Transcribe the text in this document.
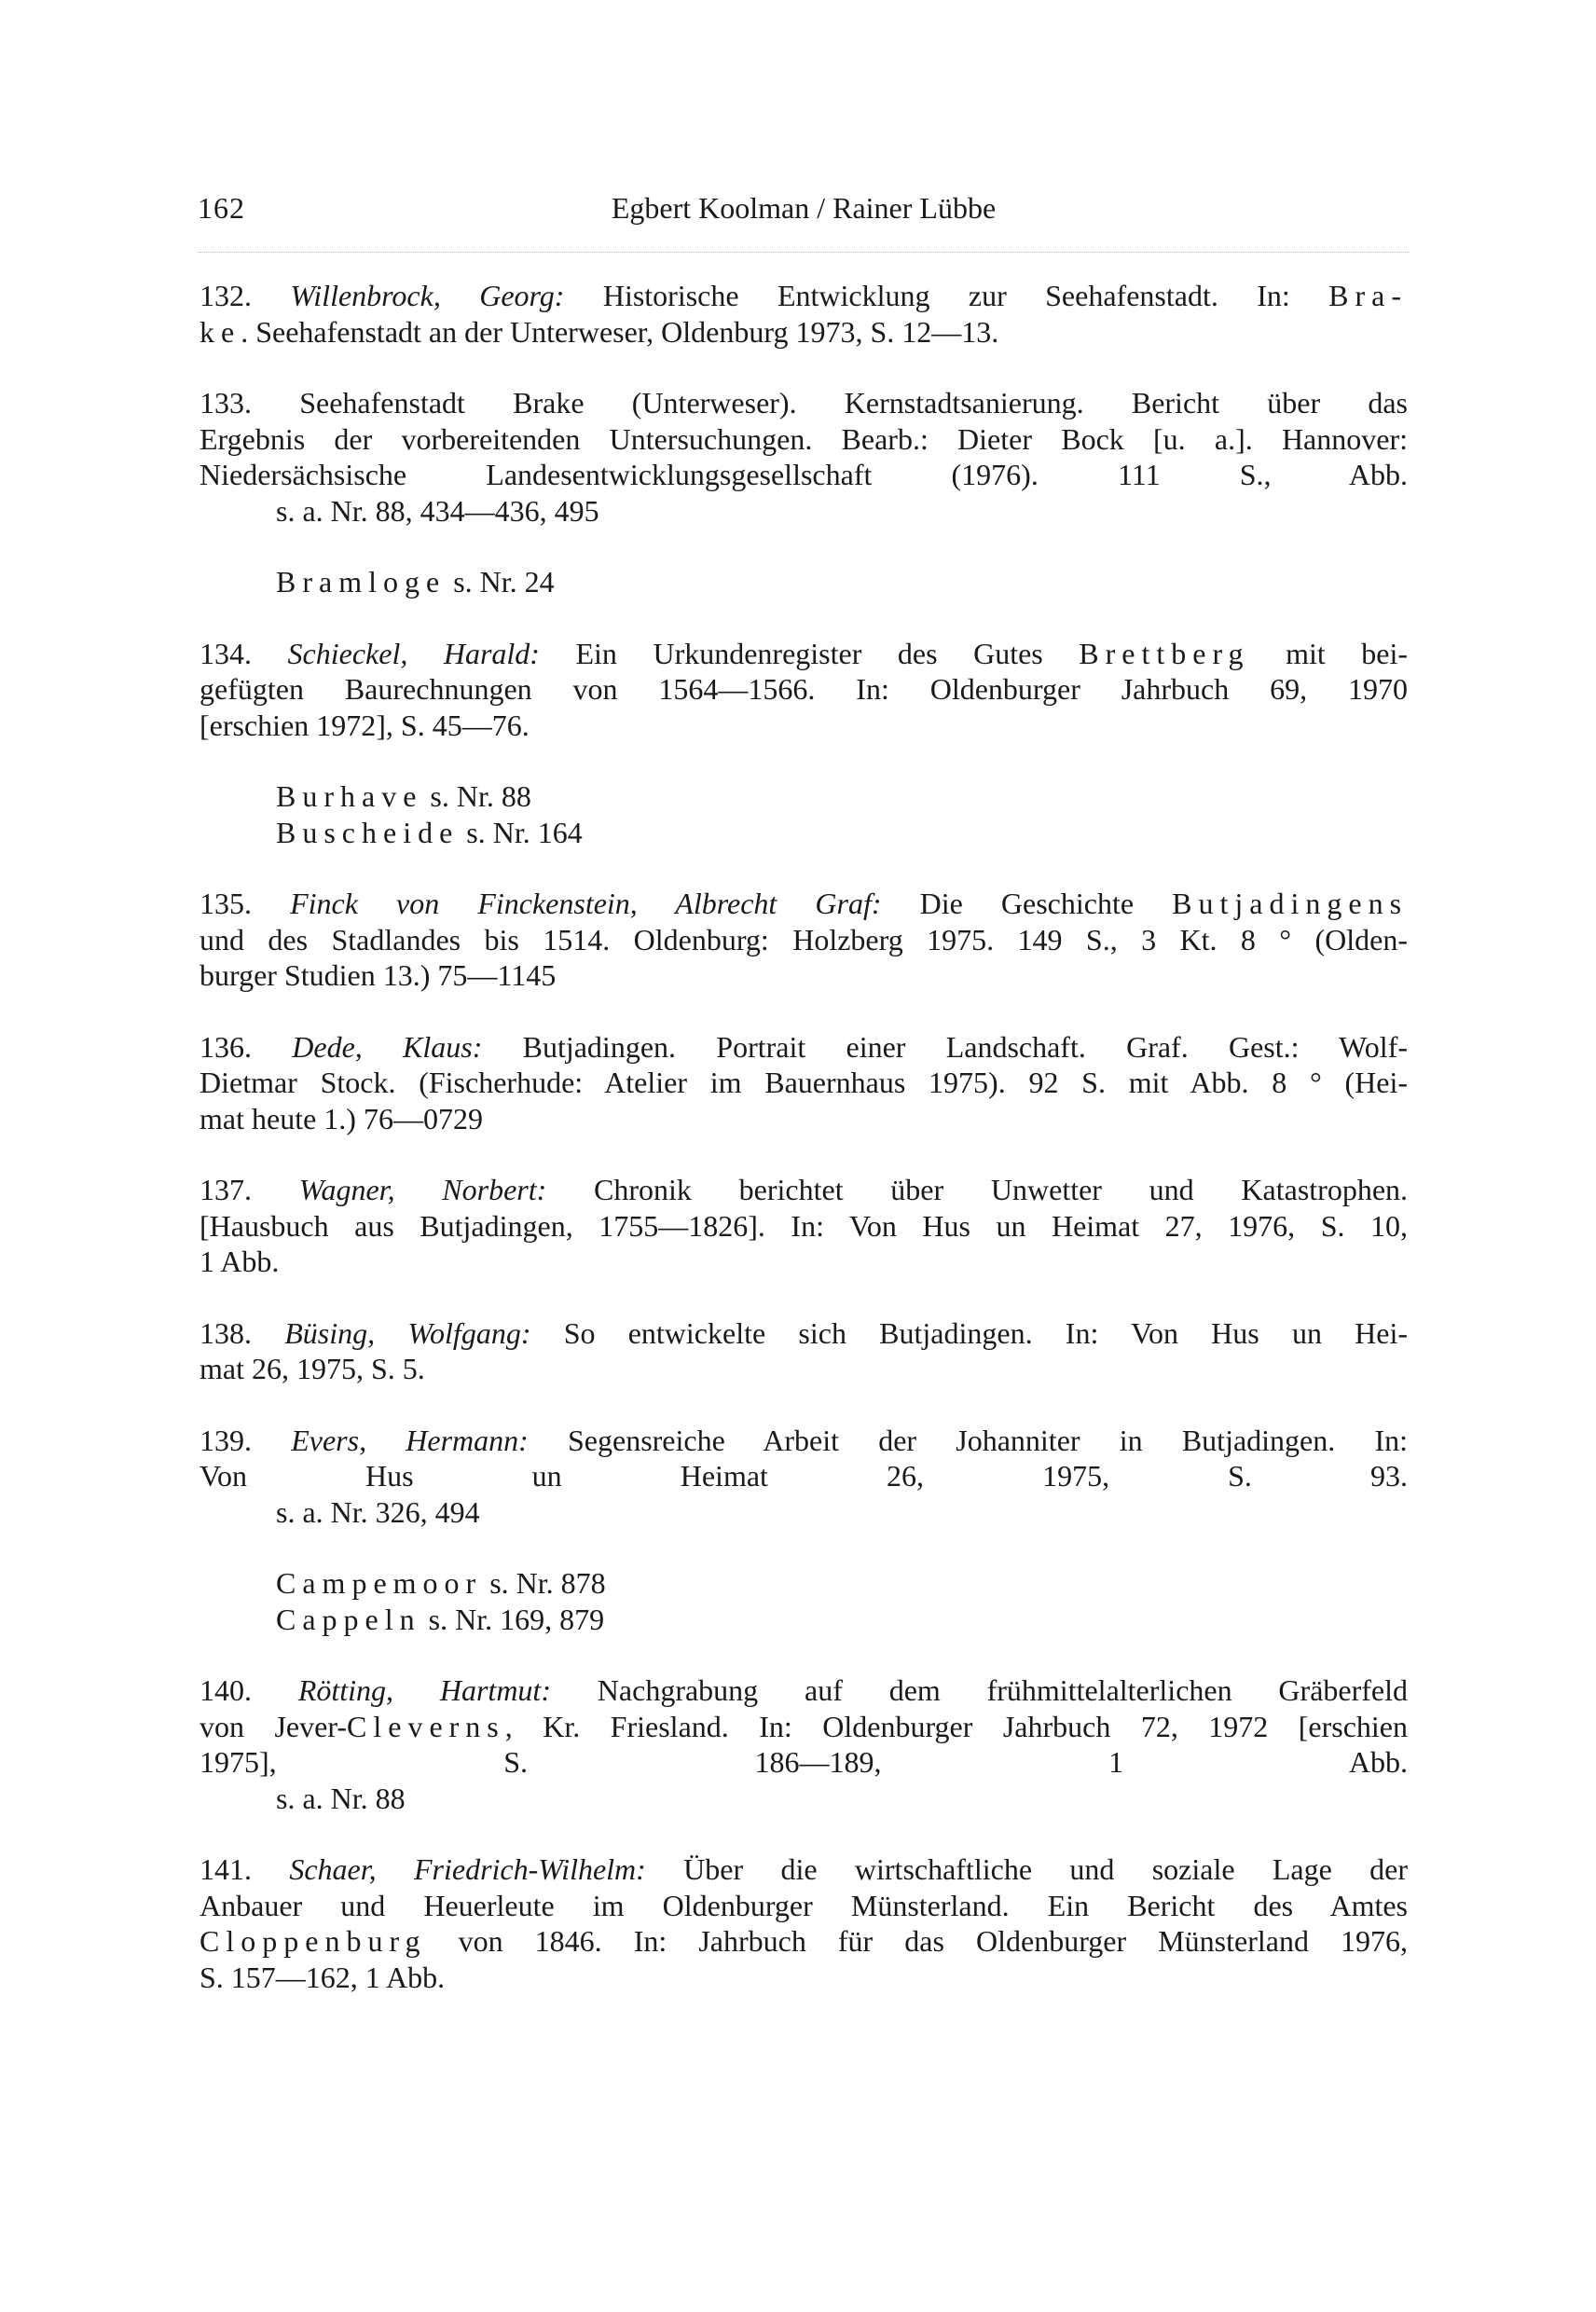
162	Egbert Koolman / Rainer Lübbe
132. Willenbrock, Georg: Historische Entwicklung zur Seehafenstadt. In: Bra-
ke. Seehafenstadt an der Unterweser, Oldenburg 1973, S. 12—13.
133. Seehafenstadt Brake (Unterweser). Kernstadtsanierung. Bericht über das
Ergebnis der vorbereitenden Untersuchungen. Bearb.: Dieter Bock [u. a.]. Hannover:
Niedersächsische Landesentwicklungsgesellschaft (1976). 111 S., Abb.
s. a. Nr. 88, 434—436, 495
Bramloge s. Nr. 24
134. Schieckel, Harald: Ein Urkundenregister des Gutes Brettberg mit bei-
gefügten Baurechnungen von 1564—1566. In: Oldenburger Jahrbuch 69, 1970
[erschien 1972], S. 45—76.
Burhave s. Nr. 88
Buscheide s. Nr. 164
135. Finck von Finckenstein, Albrecht Graf: Die Geschichte Butjadingens
und des Stadlandes bis 1514. Oldenburg: Holzberg 1975. 149 S., 3 Kt. 8 ° (Olden-
burger Studien 13.) 75—1145
136. Dede, Klaus: Butjadingen. Portrait einer Landschaft. Graf. Gest.: Wolf-
Dietmar Stock. (Fischerhude: Atelier im Bauernhaus 1975). 92 S. mit Abb. 8 ° (Hei-
mat heute 1.) 76—0729
137. Wagner, Norbert: Chronik berichtet über Unwetter und Katastrophen.
[Hausbuch aus Butjadingen, 1755—1826]. In: Von Hus un Heimat 27, 1976, S. 10,
1 Abb.
138. Büsing, Wolfgang: So entwickelte sich Butjadingen. In: Von Hus un Hei-
mat 26, 1975, S. 5.
139. Evers, Hermann: Segensreiche Arbeit der Johanniter in Butjadingen. In:
Von Hus un Heimat 26, 1975, S. 93.
s. a. Nr. 326, 494
Campemoor s. Nr. 878
Cappeln s. Nr. 169, 879
140. Rötting, Hartmut: Nachgrabung auf dem frühmittelalterlichen Gräberfeld
von Jever-Cleverns, Kr. Friesland. In: Oldenburger Jahrbuch 72, 1972 [erschien
1975], S. 186—189, 1 Abb.
s. a. Nr. 88
141. Schaer, Friedrich-Wilhelm: Über die wirtschaftliche und soziale Lage der
Anbauer und Heuerleute im Oldenburger Münsterland. Ein Bericht des Amtes
Cloppenburg von 1846. In: Jahrbuch für das Oldenburger Münsterland 1976,
S. 157—162, 1 Abb.
